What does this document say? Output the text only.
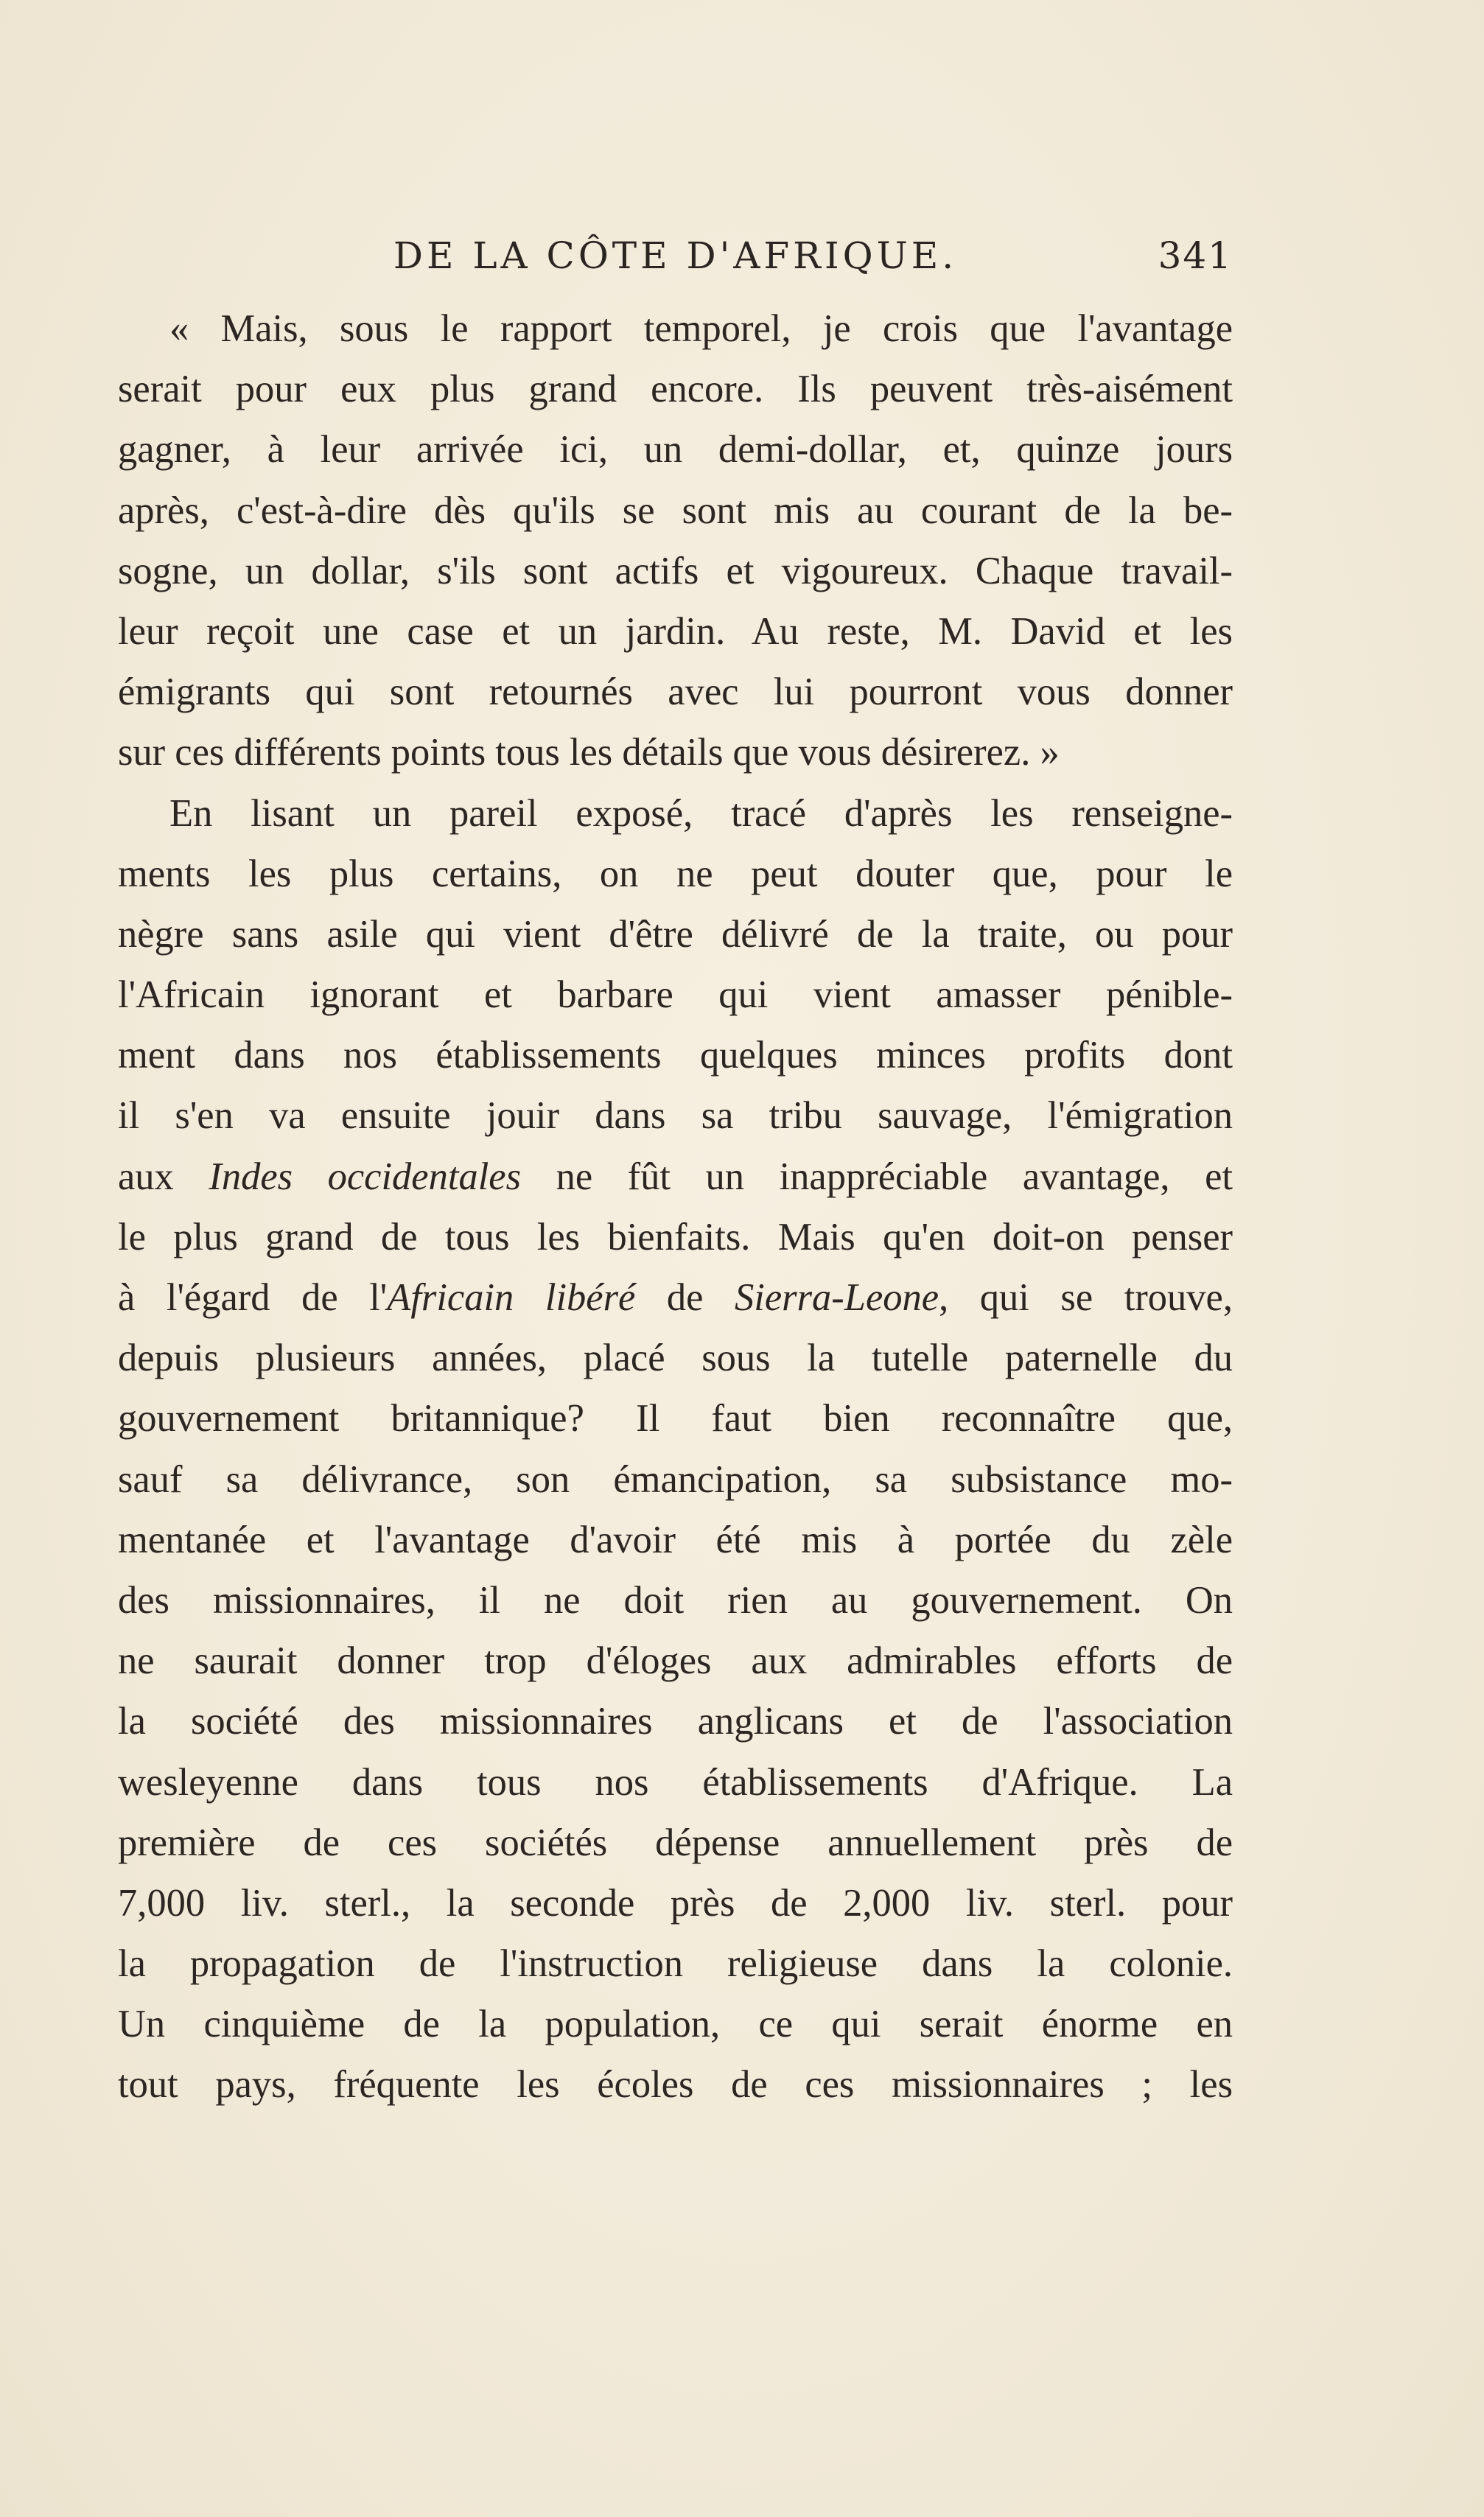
DE LA CÔTE D'AFRIQUE.	341
« Mais, sous le rapport temporel, je crois que l'avantage
serait pour eux plus grand encore. Ils peuvent très-aisément
gagner, à leur arrivée ici, un demi-dollar, et, quinze jours
après, c'est-à-dire dès qu'ils se sont mis au courant de la be-
sogne, un dollar, s'ils sont actifs et vigoureux. Chaque travail-
leur reçoit une case et un jardin. Au reste, M. David et les
émigrants qui sont retournés avec lui pourront vous donner
sur ces différents points tous les détails que vous désirerez. »
En lisant un pareil exposé, tracé d'après les renseigne-
ments les plus certains, on ne peut douter que, pour le
nègre sans asile qui vient d'être délivré de la traite, ou pour
l'Africain ignorant et barbare qui vient amasser pénible-
ment dans nos établissements quelques minces profits dont
il s'en va ensuite jouir dans sa tribu sauvage, l'émigration
aux Indes occidentales ne fût un inappréciable avantage, et
le plus grand de tous les bienfaits. Mais qu'en doit-on penser
à l'égard de l'Africain libéré de Sierra-Leone, qui se trouve,
depuis plusieurs années, placé sous la tutelle paternelle du
gouvernement britannique? Il faut bien reconnaître que,
sauf sa délivrance, son émancipation, sa subsistance mo-
mentanée et l'avantage d'avoir été mis à portée du zèle
des missionnaires, il ne doit rien au gouvernement. On
ne saurait donner trop d'éloges aux admirables efforts de
la société des missionnaires anglicans et de l'association
wesleyenne dans tous nos établissements d'Afrique. La
première de ces sociétés dépense annuellement près de
7,000 liv. sterl., la seconde près de 2,000 liv. sterl. pour
la propagation de l'instruction religieuse dans la colonie.
Un cinquième de la population, ce qui serait énorme en
tout pays, fréquente les écoles de ces missionnaires ; les
